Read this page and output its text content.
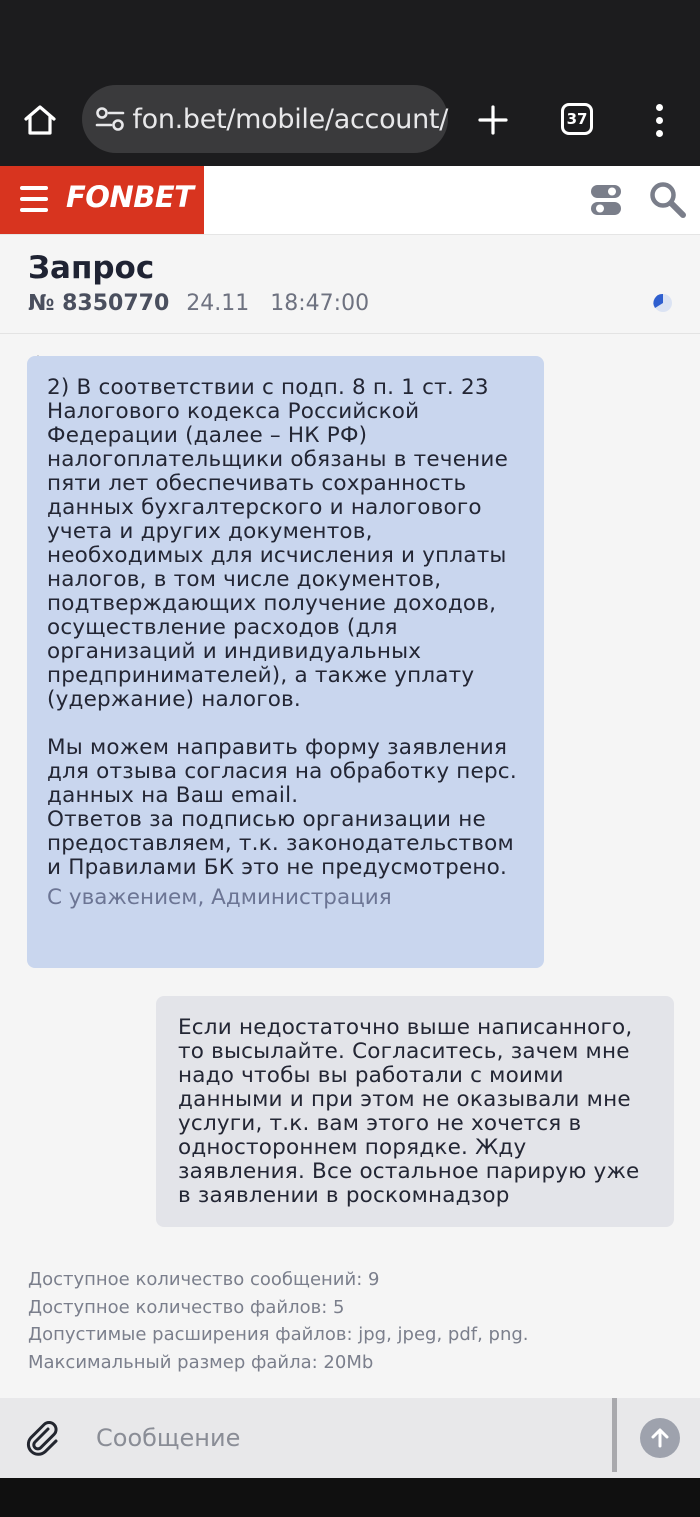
fon.bet/mobile/account/	37
FONBET
Запрос
№ 8350770 24.11 18:47:00

2) В соответствии с подп. 8 п. 1 ст. 23
Налогового кодекса Российской
Федерации (далее – НК РФ)
налогоплательщики обязаны в течение
пяти лет обеспечивать сохранность
данных бухгалтерского и налогового
учета и других документов,
необходимых для исчисления и уплаты
налогов, в том числе документов,
подтверждающих получение доходов,
осуществление расходов (для
организаций и индивидуальных
предпринимателей), а также уплату
(удержание) налогов.

Мы можем направить форму заявления
для отзыва согласия на обработку перс.
данных на Ваш email.
Ответов за подписью организации не
предоставляем, т.к. законодательством
и Правилами БК это не предусмотрено.

С уважением, Администрация

Если недостаточно выше написанного,
то высылайте. Согласитесь, зачем мне
надо чтобы вы работали с моими
данными и при этом не оказывали мне
услуги, т.к. вам этого не хочется в
одностороннем порядке. Жду
заявления. Все остальное парирую уже
в заявлении в роскомнадзор

Доступное количество сообщений: 9
Доступное количество файлов: 5
Допустимые расширения файлов: jpg, jpeg, pdf, png.
Максимальный размер файла: 20Mb
Сообщение
